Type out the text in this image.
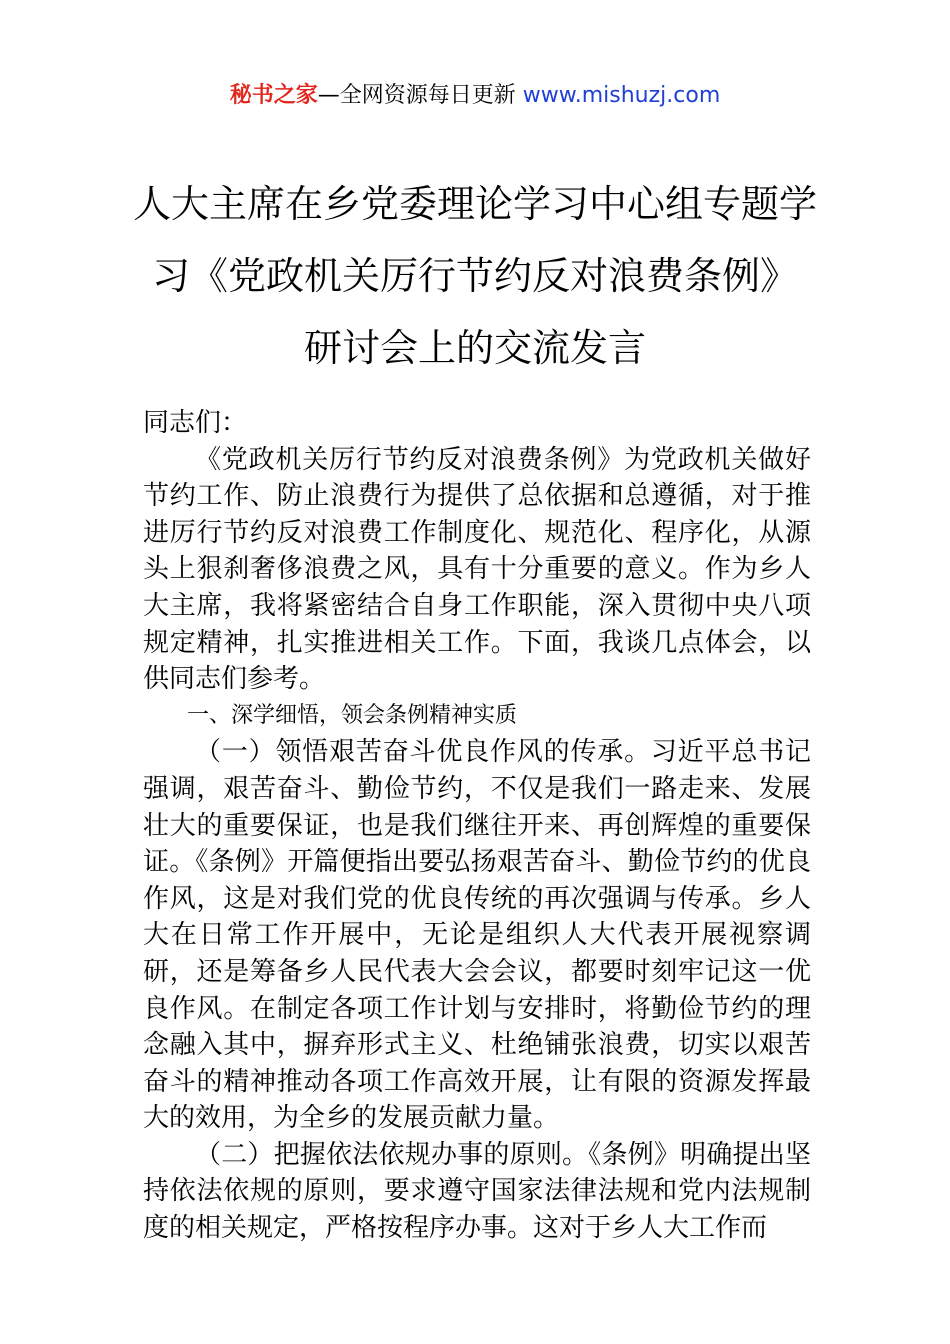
秘书之家—全网资源每日更新 www.mishuzj.com
人大主席在乡党委理论学习中心组专题学
习《党政机关厉行节约反对浪费条例》
研讨会上的交流发言

同志们：

《党政机关厉行节约反对浪费条例》为党政机关做好节约工作、防止浪费行为提供了总依据和总遵循，对于推进厉行节约反对浪费工作制度化、规范化、程序化，从源头上狠刹奢侈浪费之风，具有十分重要的意义。作为乡人大主席，我将紧密结合自身工作职能，深入贯彻中央八项规定精神，扎实推进相关工作。下面，我谈几点体会，以供同志们参考。

一、深学细悟，领会条例精神实质

（一）领悟艰苦奋斗优良作风的传承。习近平总书记强调，艰苦奋斗、勤俭节约，不仅是我们一路走来、发展壮大的重要保证，也是我们继往开来、再创辉煌的重要保证。《条例》开篇便指出要弘扬艰苦奋斗、勤俭节约的优良作风，这是对我们党的优良传统的再次强调与传承。乡人大在日常工作开展中，无论是组织人大代表开展视察调研，还是筹备乡人民代表大会会议，都要时刻牢记这一优良作风。在制定各项工作计划与安排时，将勤俭节约的理念融入其中，摒弃形式主义、杜绝铺张浪费，切实以艰苦奋斗的精神推动各项工作高效开展，让有限的资源发挥最大的效用，为全乡的发展贡献力量。

（二）把握依法依规办事的原则。《条例》明确提出坚持依法依规的原则，要求遵守国家法律法规和党内法规制度的相关规定，严格按程序办事。这对于乡人大工作而
